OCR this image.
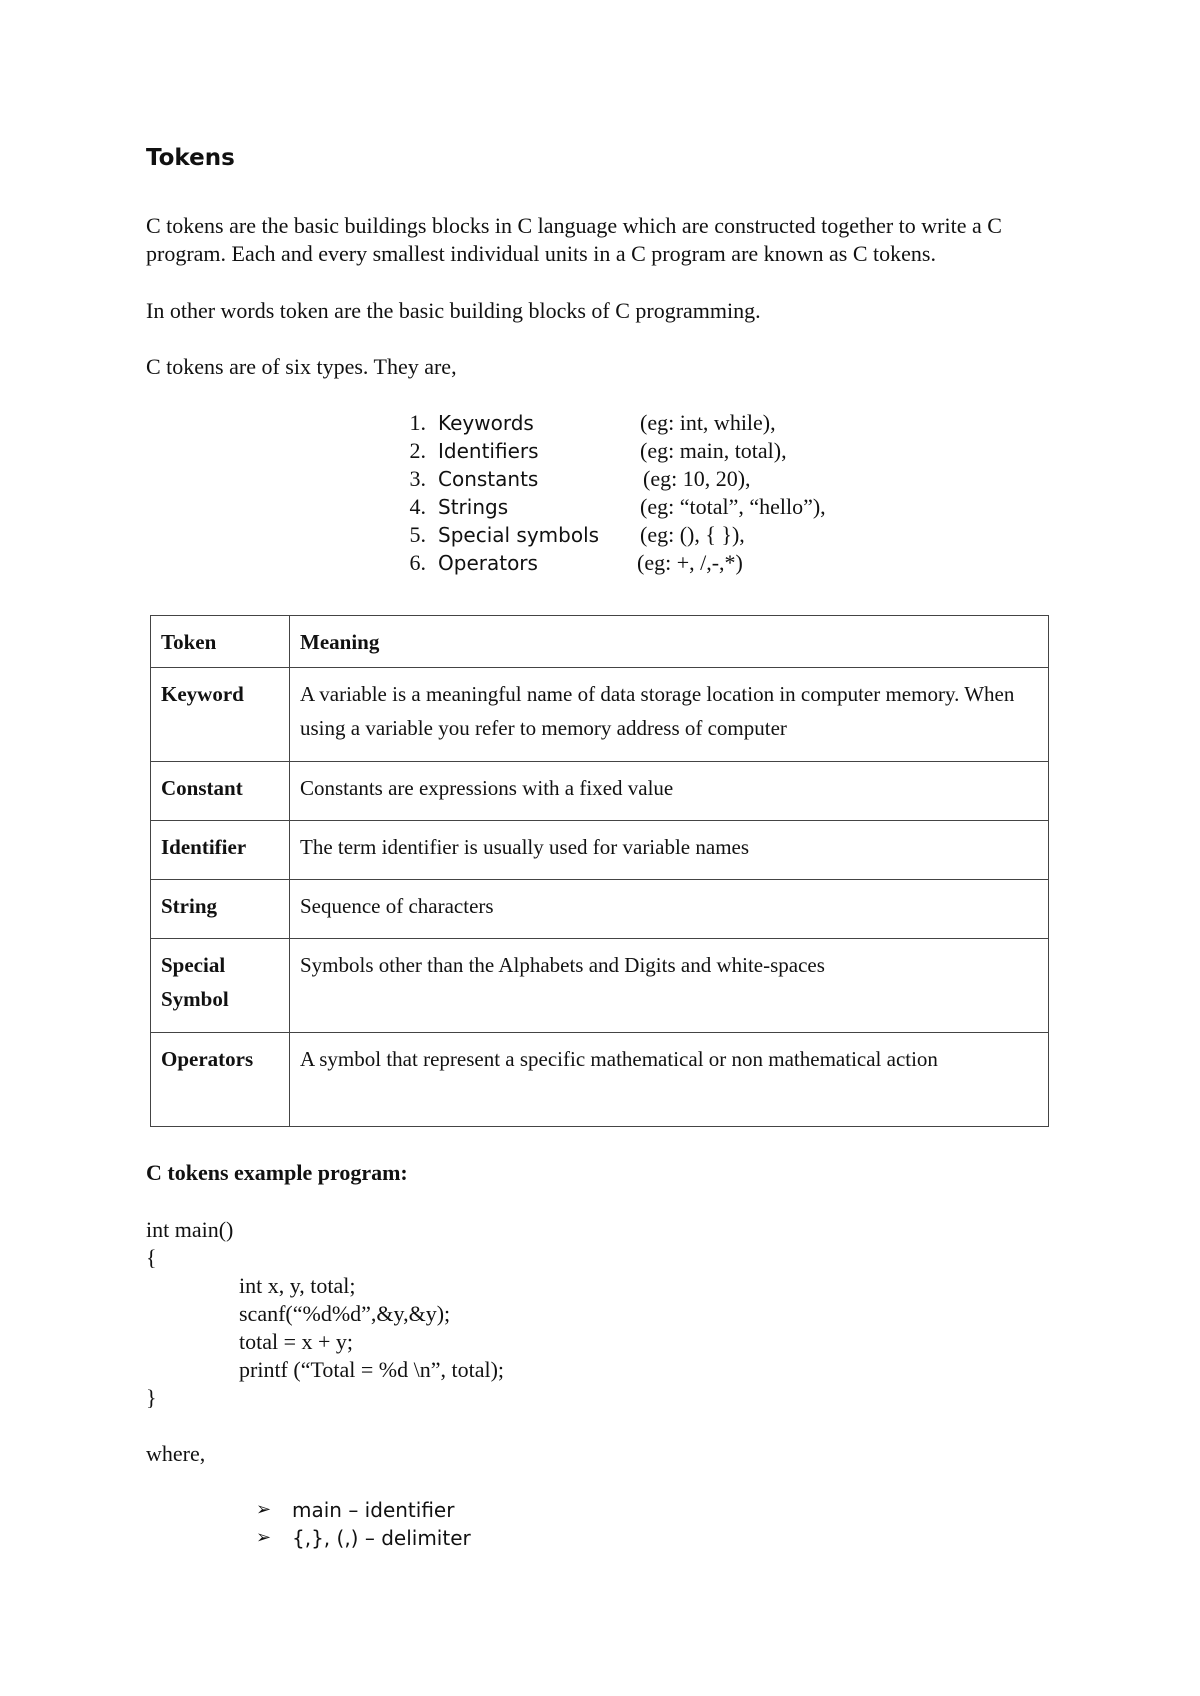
Tokens

C tokens are the basic buildings blocks in C language which are constructed together to write a C program. Each and every smallest individual units in a C program are known as C tokens.

In other words token are the basic building blocks of C programming.

C tokens are of six types. They are,

1. Keywords	(eg: int, while),
2. Identifiers	(eg: main, total),
3. Constants	(eg: 10, 20),
4. Strings	(eg: “total”, “hello”),
5. Special symbols (eg: (), { }),
6. Operators	(eg: +, /,-,*)
Token	Meaning
Keyword	A variable is a meaningful name of data storage location in computer memory. When using a variable you refer to memory address of computer
Constant	Constants are expressions with a fixed value
Identifier	The term identifier is usually used for variable names
String	Sequence of characters
Special Symbol	Symbols other than the Alphabets and Digits and white-spaces
Operators	A symbol that represent a specific mathematical or non mathematical action

C tokens example program:

int main()
{
int x, y, total;
scanf(“%d%d”,&y,&y);
total = x + y;
printf (“Total = %d \n”, total);
}

where,

➢ main – identifier
➢ {,}, (,) – delimiter
